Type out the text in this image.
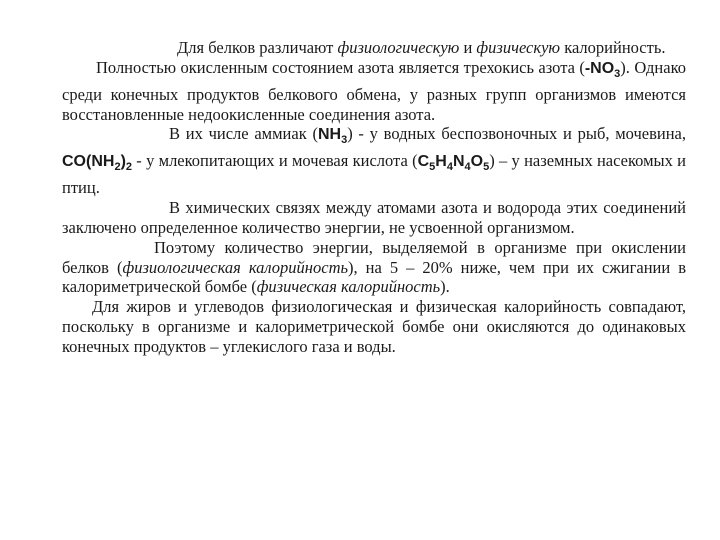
Для белков различают физиологическую и физическую калорийность.

Полностью окисленным состоянием азота является трехокись азота $(-NO_3)$. Однако среди конечных продуктов белкового обмена, у разных групп организмов имеются восстановленные недоокисленные соединения азота.

В их числе аммиак $(NH_3)$ - у водных беспозвоночных и рыб, мочевина, $CO(NH_2)_2$ - у млекопитающих и мочевая кислота $(C_5H_4N_4O_5)$ – у наземных насекомых и птиц.

В химических связях между атомами азота и водорода этих соединений заключено определенное количество энергии, не усвоенной организмом.

Поэтому количество энергии, выделяемой в организме при окислении белков (физиологическая калорийность), на 5 – 20% ниже, чем при их сжигании в калориметрической бомбе (физическая калорийность).

Для жиров и углеводов физиологическая и физическая калорийность совпадают, поскольку в организме и калориметрической бомбе они окисляются до одинаковых конечных продуктов – углекислого газа и воды.
